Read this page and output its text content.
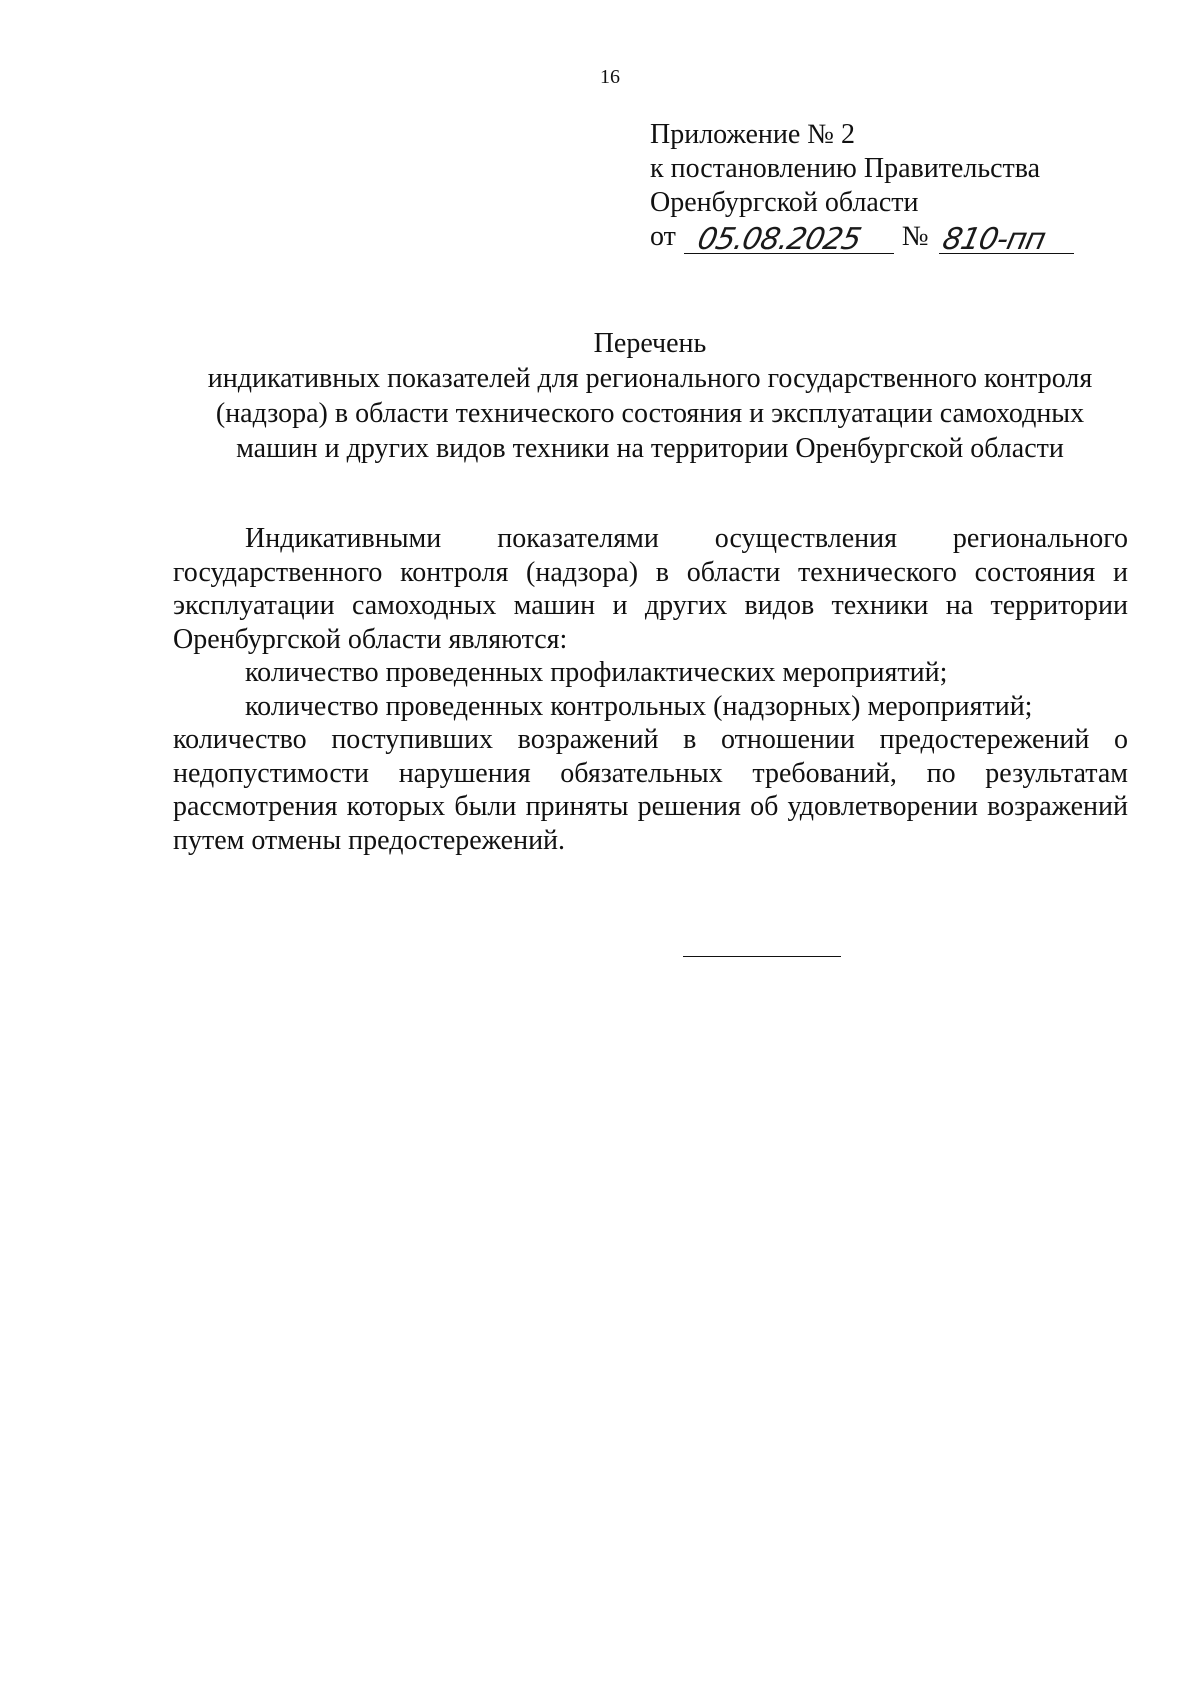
16
Приложение № 2
к постановлению Правительства
Оренбургской области
от 05.08.2025 № 810-пп
Перечень
индикативных показателей для регионального государственного контроля
(надзора) в области технического состояния и эксплуатации самоходных
машин и других видов техники на территории Оренбургской области

Индикативными показателями осуществления регионального государственного контроля (надзора) в области технического состояния и эксплуатации самоходных машин и других видов техники на территории Оренбургской области являются:

количество проведенных профилактических мероприятий;

количество проведенных контрольных (надзорных) мероприятий;

количество поступивших возражений в отношении предостережений о недопустимости нарушения обязательных требований, по результатам рассмотрения которых были приняты решения об удовлетворении возражений путем отмены предостережений.
